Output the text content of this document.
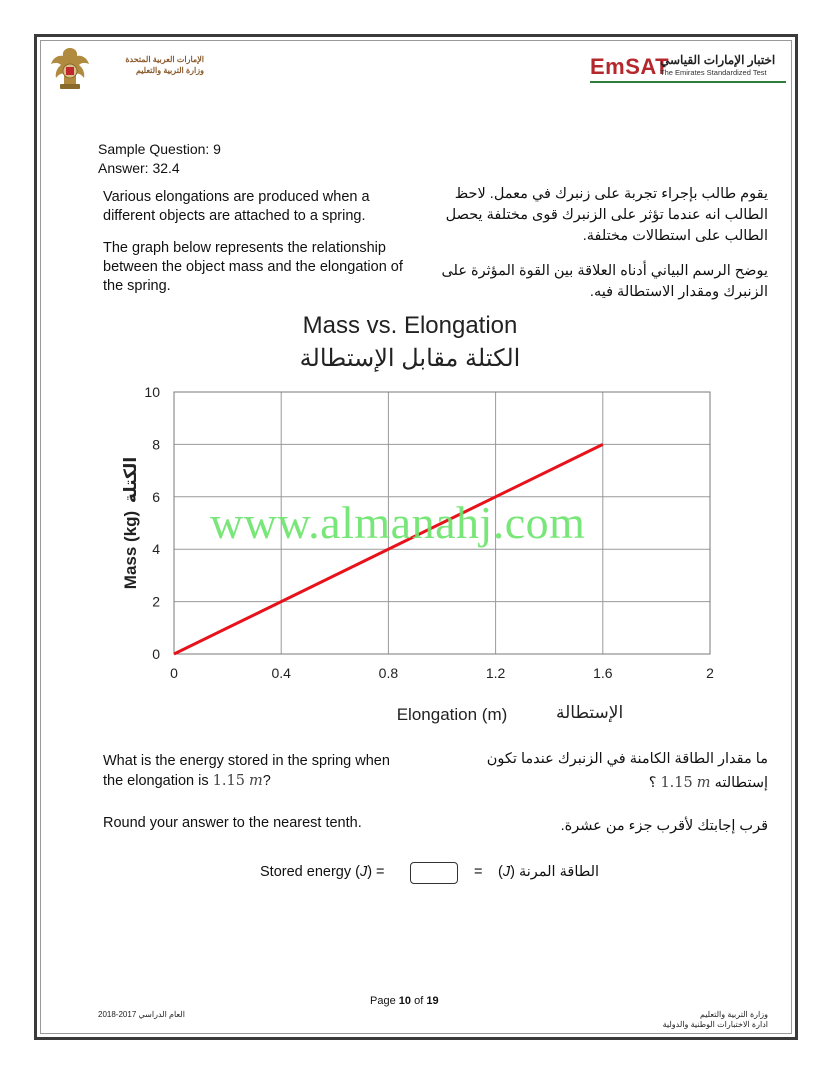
الإمارات العربية المتحدة
وزارة التربية والتعليم	EmSAT
اختبار الإمارات القياسي
The Emirates Standardized Test
Sample Question: 9
Answer: 32.4

Various elongations are produced when a different objects are attached to a spring.

The graph below represents the relationship between the object mass and the elongation of the spring.

يقوم طالب بإجراء تجربة على زنبرك في معمل. لاحظ الطالب انه عندما تؤثر على الزنبرك قوى مختلفة يحصل الطالب على استطالات مختلفة.

يوضح الرسم البياني أدناه العلاقة بين القوة المؤثرة على الزنبرك ومقدار الاستطالة فيه.

Mass vs. Elongation
الكتلة مقابل الإستطالة
0	0.4	0.8	1.2	1.6	2
0
2
4
6
8
10
Elongation (m)	الإستطالة
Mass (kg)
الكتلة
www.almanahj.com
What is the energy stored in the spring when the elongation is 1.15 m?
ما مقدار الطاقة الكامنة في الزنبرك عندما تكون إستطالته 1.15 m ؟
Round your answer to the nearest tenth.	قرب إجابتك لأقرب جزء من عشرة.
Stored energy (J) =	=	الطاقة المرنة (J)
Page 10 of 19
العام الدراسي 2017-2018	وزارة التربية والتعليم
ادارة الاختبارات الوطنية والدولية
